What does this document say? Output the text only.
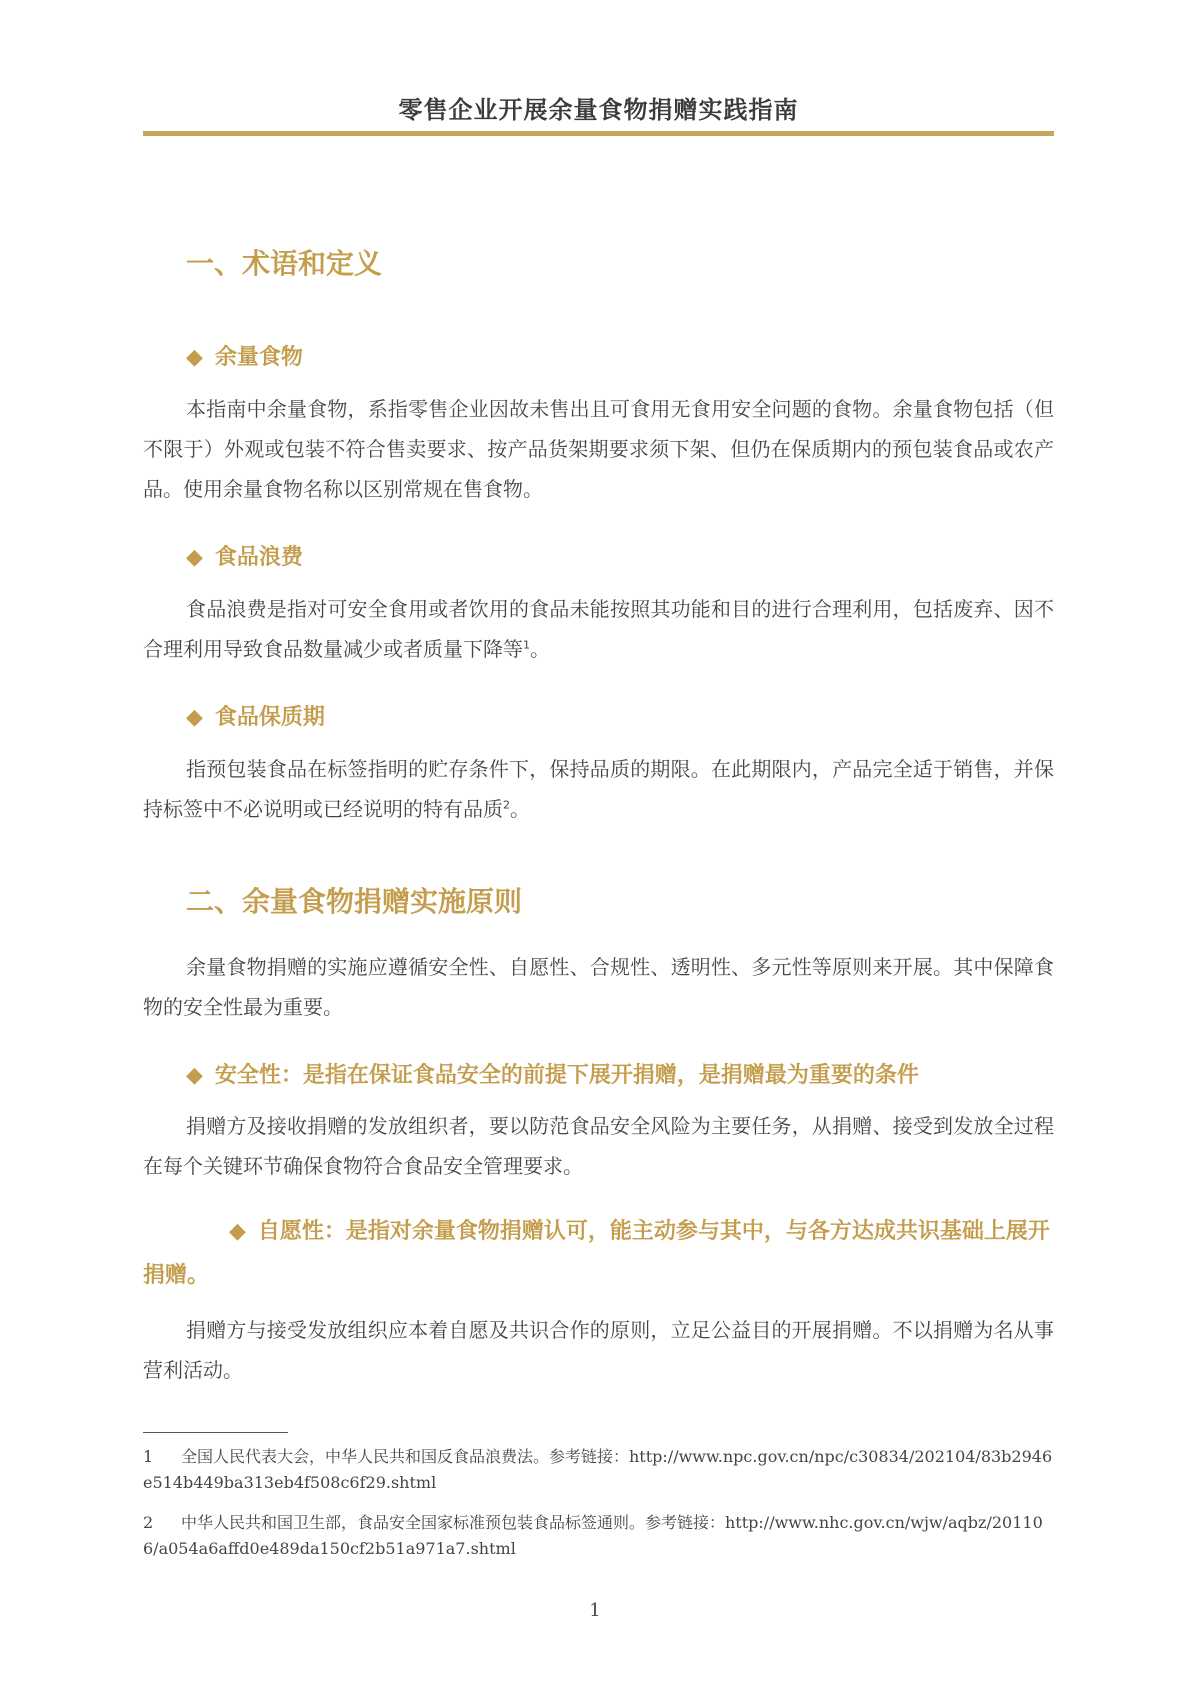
零售企业开展余量食物捐赠实践指南
一、术语和定义
◆ 余量食物
本指南中余量食物，系指零售企业因故未售出且可食用无食用安全问题的食物。余量食物包括（但不限于）外观或包装不符合售卖要求、按产品货架期要求须下架、但仍在保质期内的预包装食品或农产品。使用余量食物名称以区别常规在售食物。
◆ 食品浪费
食品浪费是指对可安全食用或者饮用的食品未能按照其功能和目的进行合理利用，包括废弃、因不合理利用导致食品数量减少或者质量下降等$^1$。
◆ 食品保质期
指预包装食品在标签指明的贮存条件下，保持品质的期限。在此期限内，产品完全适于销售，并保持标签中不必说明或已经说明的特有品质$^2$。
二、余量食物捐赠实施原则
余量食物捐赠的实施应遵循安全性、自愿性、合规性、透明性、多元性等原则来开展。其中保障食物的安全性最为重要。
◆ 安全性：是指在保证食品安全的前提下展开捐赠，是捐赠最为重要的条件
捐赠方及接收捐赠的发放组织者，要以防范食品安全风险为主要任务，从捐赠、接受到发放全过程在每个关键环节确保食物符合食品安全管理要求。
◆ 自愿性：是指对余量食物捐赠认可，能主动参与其中，与各方达成共识基础上展开捐赠。
捐赠方与接受发放组织应本着自愿及共识合作的原则，立足公益目的开展捐赠。不以捐赠为名从事营利活动。
1 全国人民代表大会，中华人民共和国反食品浪费法。参考链接：http://www.npc.gov.cn/npc/c30834/202104/83b2946e514b449ba313eb4f508c6f29.shtml
2 中华人民共和国卫生部，食品安全国家标准预包装食品标签通则。参考链接：http://www.nhc.gov.cn/wjw/aqbz/201106/a054a6affd0e489da150cf2b51a971a7.shtml
1
